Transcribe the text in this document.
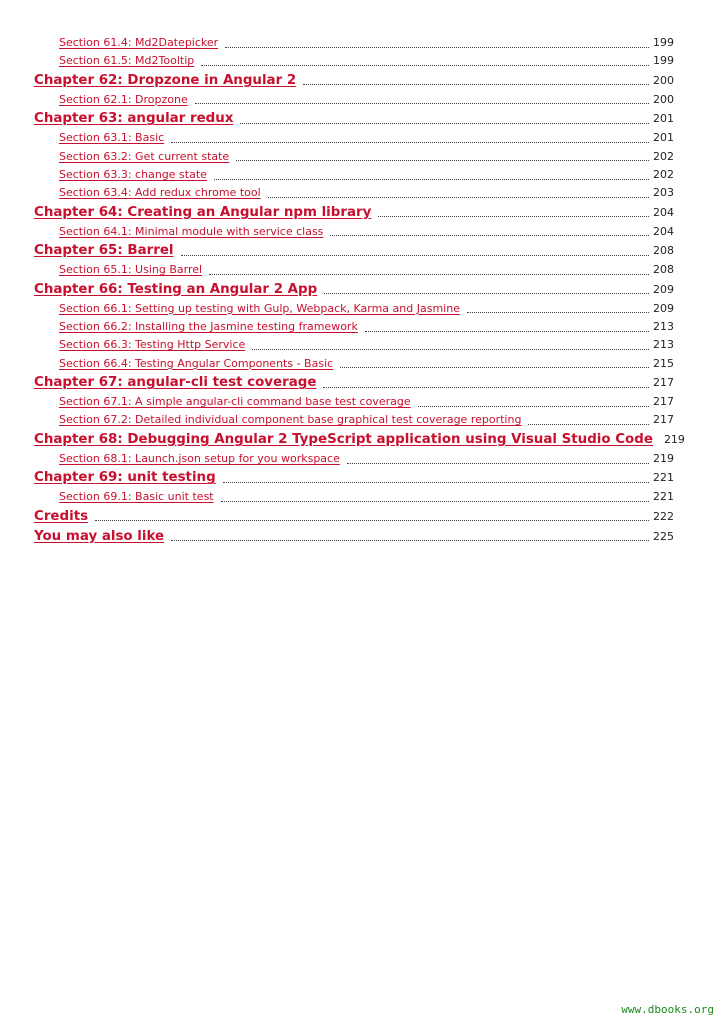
Section 61.4: Md2Datepicker	199
Section 61.5: Md2Tooltip	199
Chapter 62: Dropzone in Angular 2	200
Section 62.1: Dropzone	200
Chapter 63: angular redux	201
Section 63.1: Basic	201
Section 63.2: Get current state	202
Section 63.3: change state	202
Section 63.4: Add redux chrome tool	203
Chapter 64: Creating an Angular npm library	204
Section 64.1: Minimal module with service class	204
Chapter 65: Barrel	208
Section 65.1: Using Barrel	208
Chapter 66: Testing an Angular 2 App	209
Section 66.1: Setting up testing with Gulp, Webpack, Karma and Jasmine	209
Section 66.2: Installing the Jasmine testing framework	213
Section 66.3: Testing Http Service	213
Section 66.4: Testing Angular Components - Basic	215
Chapter 67: angular-cli test coverage	217
Section 67.1: A simple angular-cli command base test coverage	217
Section 67.2: Detailed individual component base graphical test coverage reporting	217
Chapter 68: Debugging Angular 2 TypeScript application using Visual Studio Code 219
Section 68.1: Launch.json setup for you workspace	219
Chapter 69: unit testing	221
Section 69.1: Basic unit test	221
Credits	222
You may also like	225
www.dbooks.org
